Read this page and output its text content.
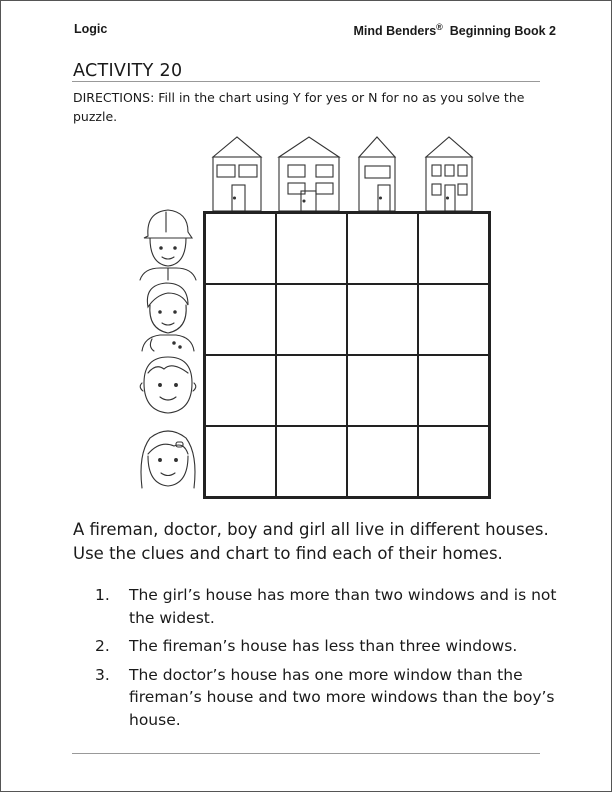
Logic	Mind Benders® Beginning Book 2
ACTIVITY 20
DIRECTIONS: Fill in the chart using Y for yes or N for no as you solve the puzzle.
A fireman, doctor, boy and girl all live in different houses. Use the clues and chart to find each of their homes.
1.	The girl’s house has more than two windows and is not the widest.
2.	The fireman’s house has less than three windows.
3.	The doctor’s house has one more window than the fireman’s house and two more windows than the boy’s house.
